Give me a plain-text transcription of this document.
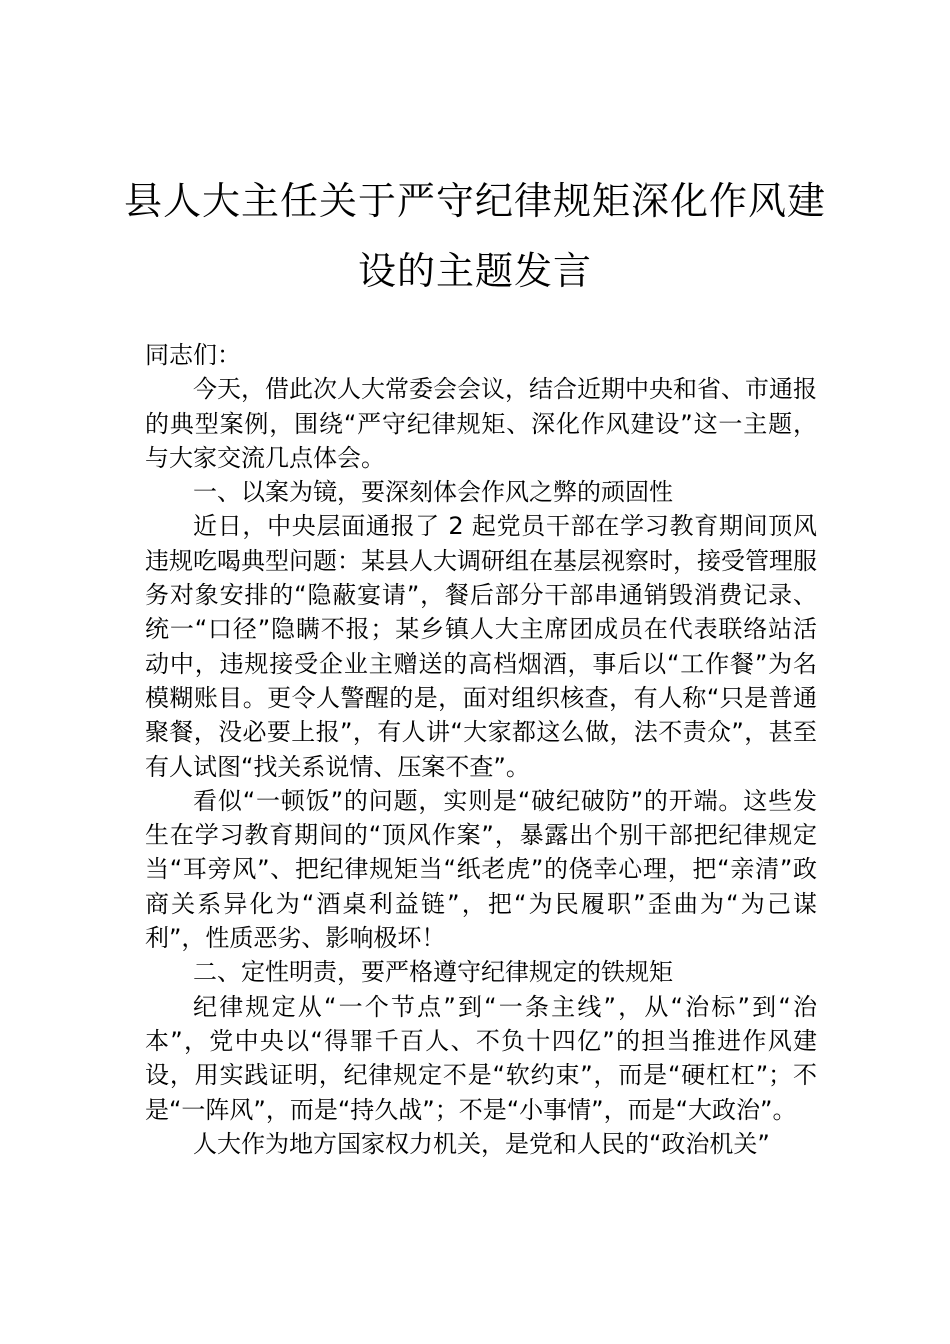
县人大主任关于严守纪律规矩深化作风建
设的主题发言

同志们：

今天，借此次人大常委会会议，结合近期中央和省、市通报的典型案例，围绕“严守纪律规矩、深化作风建设”这一主题，与大家交流几点体会。

一、以案为镜，要深刻体会作风之弊的顽固性

近日，中央层面通报了 2 起党员干部在学习教育期间顶风违规吃喝典型问题：某县人大调研组在基层视察时，接受管理服务对象安排的“隐蔽宴请”，餐后部分干部串通销毁消费记录、统一“口径”隐瞒不报；某乡镇人大主席团成员在代表联络站活动中，违规接受企业主赠送的高档烟酒，事后以“工作餐”为名模糊账目。更令人警醒的是，面对组织核查，有人称“只是普通聚餐，没必要上报”，有人讲“大家都这么做，法不责众”，甚至有人试图“找关系说情、压案不查”。

看似“一顿饭”的问题，实则是“破纪破防”的开端。这些发生在学习教育期间的“顶风作案”，暴露出个别干部把纪律规定当“耳旁风”、把纪律规矩当“纸老虎”的侥幸心理，把“亲清”政商关系异化为“酒桌利益链”，把“为民履职”歪曲为“为己谋利”，性质恶劣、影响极坏！

二、定性明责，要严格遵守纪律规定的铁规矩

纪律规定从“一个节点”到“一条主线”，从“治标”到“治本”，党中央以“得罪千百人、不负十四亿”的担当推进作风建设，用实践证明，纪律规定不是“软约束”，而是“硬杠杠”；不是“一阵风”，而是“持久战”；不是“小事情”，而是“大政治”。

人大作为地方国家权力机关，是党和人民的“政治机关”
